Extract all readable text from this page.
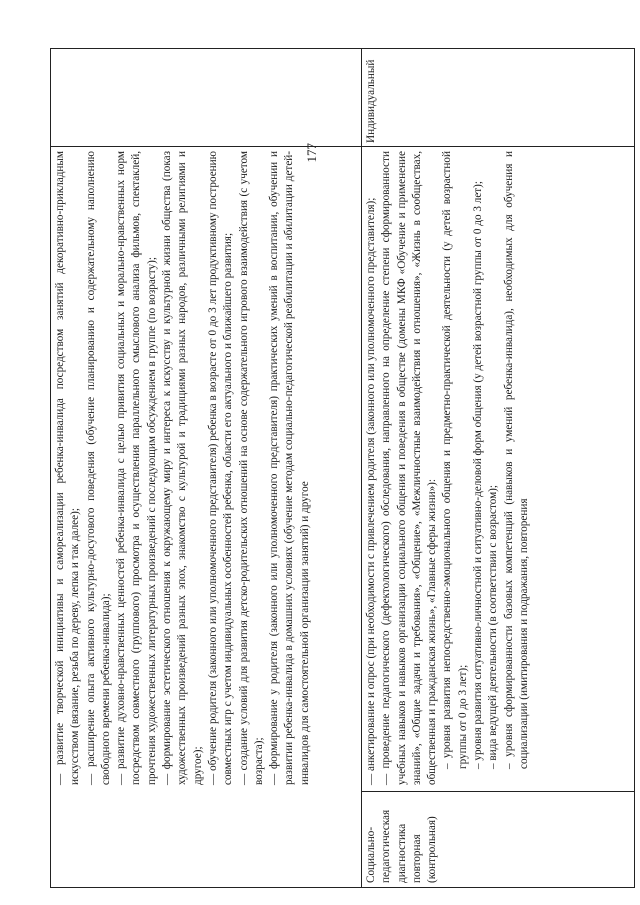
177

— развитие творческой инициативы и самореализации ребенка-инвалида посредством занятий декоративно-прикладным искусством (вязание, резьба по дереву, лепка и так далее); — расширение опыта активного культурно-досугового поведения (обучение планированию и содержательному наполнению свободного времени ребенка-инвалида); — развитие духовно-нравственных ценностей ребенка-инвалида с целью привития социальных и морально-нравственных норм посредством совместного (группового) просмотра и осуществления параллельного смыслового анализа фильмов, спектаклей, прочтения художественных литературных произведений с последующим обсуждением в группе (по возрасту); — формирование эстетического отношения к окружающему миру и интереса к искусству и культурной жизни общества (показ художественных произведений разных эпох, знакомство с культурой и традициями разных народов, различными религиями и другое); — обучение родителя (законного или уполномоченного представителя) ребенка в возрасте от 0 до 3 лет продуктивному построению совместных игр с учетом индивидуальных особенностей ребенка, области его актуального и ближайшего развития; — создание условий для развития детско-родительских отношений на основе содержательного игрового взаимодействия (с учетом возраста); — формирование у родителя (законного или уполномоченного представителя) практических умений в воспитании, обучении и развитии ребенка-инвалида в домашних условиях (обучение методам социально-педагогической реабилитации и абилитации детей-инвалидов для самостоятельной организации занятий) и другое

Социально-педагогическая диагностика повторная (контрольная)

— анкетирование и опрос (при необходимости с привлечением родителя (законного или уполномоченного представителя); — проведение педагогического (дефектологического) обследования, направленного на определение степени сформированности учебных навыков и навыков организации социального общения и поведения в обществе (домены МКФ «Обучение и применение знаний», «Общие задачи и требования», «Общение», «Межличностные взаимодействия и отношения», «Жизнь в сообществах, общественная и гражданская жизнь», «Главные сферы жизни»): – уровня развития непосредственно-эмоционального общения и предметно-практической деятельности (у детей возрастной группы от 0 до 3 лет); – уровня развития ситуативно-личностной и ситуативно-деловой форм общения (у детей возрастной группы от 0 до 3 лет); – вида ведущей деятельности (в соответствии с возрастом); – уровня сформированности базовых компетенций (навыков и умений ребенка-инвалида), необходимых для обучения и социализации (имитирования и подражания, повторения

Индивидуальный
